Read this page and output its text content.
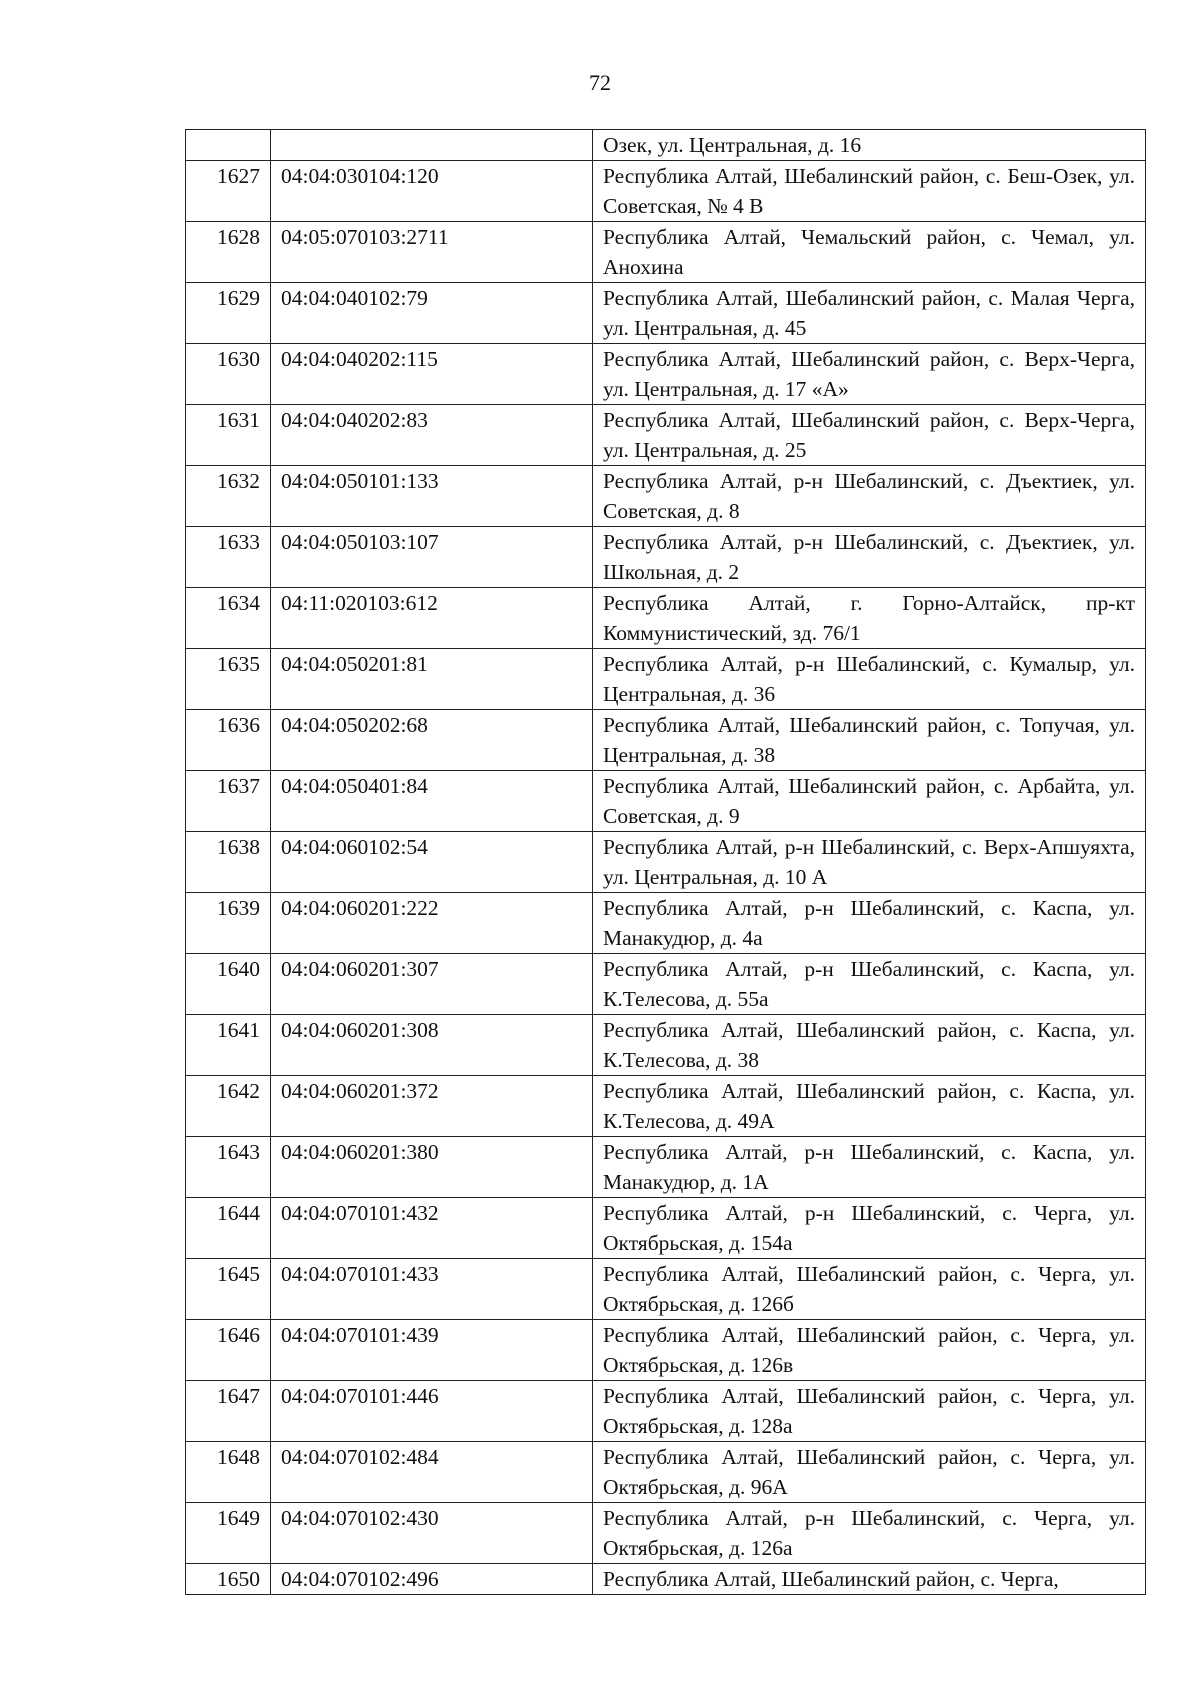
72
		Озек, ул. Центральная, д. 16
1627	04:04:030104:120	Республика Алтай, Шебалинский район, с. Беш-Озек, ул. Советская, № 4 В
1628	04:05:070103:2711	Республика Алтай, Чемальский район, с. Чемал, ул. Анохина
1629	04:04:040102:79	Республика Алтай, Шебалинский район, с. Малая Черга, ул. Центральная, д. 45
1630	04:04:040202:115	Республика Алтай, Шебалинский район, с. Верх-Черга, ул. Центральная, д. 17 «А»
1631	04:04:040202:83	Республика Алтай, Шебалинский район, с. Верх-Черга, ул. Центральная, д. 25
1632	04:04:050101:133	Республика Алтай, р-н Шебалинский, с. Дъектиек, ул. Советская, д. 8
1633	04:04:050103:107	Республика Алтай, р-н Шебалинский, с. Дъектиек, ул. Школьная, д. 2
1634	04:11:020103:612	Республика Алтай, г. Горно-Алтайск, пр-кт Коммунистический, зд. 76/1
1635	04:04:050201:81	Республика Алтай, р-н Шебалинский, с. Кумалыр, ул. Центральная, д. 36
1636	04:04:050202:68	Республика Алтай, Шебалинский район, с. Топучая, ул. Центральная, д. 38
1637	04:04:050401:84	Республика Алтай, Шебалинский район, с. Арбайта, ул. Советская, д. 9
1638	04:04:060102:54	Республика Алтай, р-н Шебалинский, с. Верх-Апшуяхта, ул. Центральная, д. 10 А
1639	04:04:060201:222	Республика Алтай, р-н Шебалинский, с. Каспа, ул. Манакудюр, д. 4а
1640	04:04:060201:307	Республика Алтай, р-н Шебалинский, с. Каспа, ул. К.Телесова, д. 55а
1641	04:04:060201:308	Республика Алтай, Шебалинский район, с. Каспа, ул. К.Телесова, д. 38
1642	04:04:060201:372	Республика Алтай, Шебалинский район, с. Каспа, ул. К.Телесова, д. 49А
1643	04:04:060201:380	Республика Алтай, р-н Шебалинский, с. Каспа, ул. Манакудюр, д. 1А
1644	04:04:070101:432	Республика Алтай, р-н Шебалинский, с. Черга, ул. Октябрьская, д. 154а
1645	04:04:070101:433	Республика Алтай, Шебалинский район, с. Черга, ул. Октябрьская, д. 126б
1646	04:04:070101:439	Республика Алтай, Шебалинский район, с. Черга, ул. Октябрьская, д. 126в
1647	04:04:070101:446	Республика Алтай, Шебалинский район, с. Черга, ул. Октябрьская, д. 128а
1648	04:04:070102:484	Республика Алтай, Шебалинский район, с. Черга, ул. Октябрьская, д. 96А
1649	04:04:070102:430	Республика Алтай, р-н Шебалинский, с. Черга, ул. Октябрьская, д. 126а
1650	04:04:070102:496	Республика Алтай, Шебалинский район, с. Черга,
